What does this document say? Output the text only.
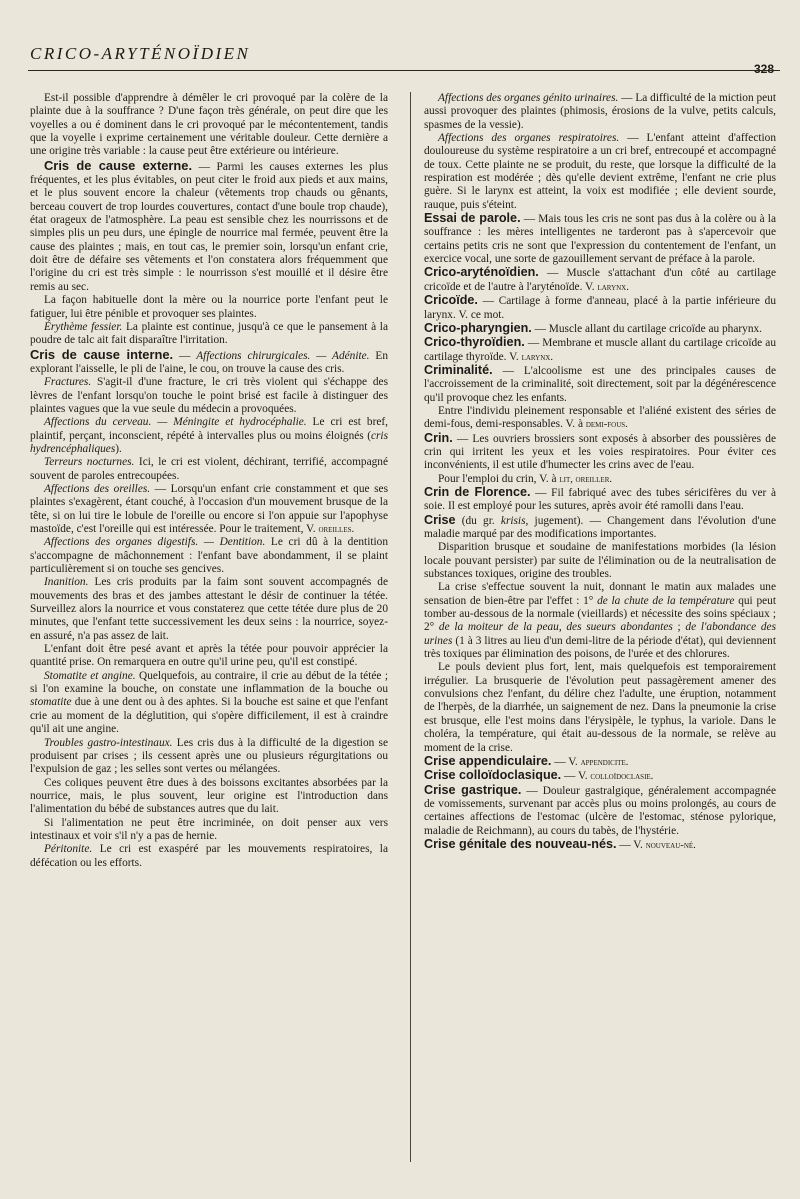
CRICO-ARYTÉNOÏDIEN
328

Est-il possible d'apprendre à démêler le cri provoqué par la colère de la plainte due à la souffrance ? D'une façon très générale, on peut dire que les voyelles a ou é dominent dans le cri provoqué par le mécontentement, tandis que la voyelle i exprime certainement une véritable douleur. Cette dernière a une origine très variable : la cause peut être extérieure ou intérieure.

Cris de cause externe. — Parmi les causes externes les plus fréquentes, et les plus évitables, on peut citer le froid aux pieds et aux mains, et le plus souvent encore la chaleur (vêtements trop chauds ou gênants, berceau couvert de trop lourdes couvertures, contact d'une boule trop chaude), état orageux de l'atmosphère. La peau est sensible chez les nourrissons et de simples plis un peu durs, une épingle de nourrice mal fermée, peuvent être la cause des plaintes ; mais, en tout cas, le premier soin, lorsqu'un enfant crie, doit être de défaire ses vêtements et l'on constatera alors fréquemment que l'origine du cri est très simple : le nourrisson s'est mouillé et il désire être remis au sec.

La façon habituelle dont la mère ou la nourrice porte l'enfant peut le fatiguer, lui être pénible et provoquer ses plaintes.

Érythème fessier. La plainte est continue, jusqu'à ce que le pansement à la poudre de talc ait fait disparaître l'irritation.

Cris de cause interne. — Affections chirurgicales. — Adénite. En explorant l'aisselle, le pli de l'aine, le cou, on trouve la cause des cris.

Fractures. S'agit-il d'une fracture, le cri très violent qui s'échappe des lèvres de l'enfant lorsqu'on touche le point brisé est facile à distinguer des plaintes vagues que la vue seule du médecin a provoquées.

Affections du cerveau. — Méningite et hydrocéphalie. Le cri est bref, plaintif, perçant, inconscient, répété à intervalles plus ou moins éloignés (cris hydrencéphaliques).

Terreurs nocturnes. Ici, le cri est violent, déchirant, terrifié, accompagné souvent de paroles entrecoupées.

Affections des oreilles. — Lorsqu'un enfant crie constamment et que ses plaintes s'exagèrent, étant couché, à l'occasion d'un mouvement brusque de la tête, si on lui tire le lobule de l'oreille ou encore si l'on appuie sur l'apophyse mastoïde, c'est l'oreille qui est intéressée. Pour le traitement, V. oreilles.

Affections des organes digestifs. — Dentition. Le cri dû à la dentition s'accompagne de mâchonnement : l'enfant bave abondamment, il se plaint particulièrement si on touche ses gencives.

Inanition. Les cris produits par la faim sont souvent accompagnés de mouvements des bras et des jambes attestant le désir de continuer la tétée. Surveillez alors la nourrice et vous constaterez que cette tétée dure plus de 20 minutes, que l'enfant tette successivement les deux seins : la nourrice, soyez-en assuré, n'a pas assez de lait.

L'enfant doit être pesé avant et après la tétée pour pouvoir apprécier la quantité prise. On remarquera en outre qu'il urine peu, qu'il est constipé.

Stomatite et angine. Quelquefois, au contraire, il crie au début de la tétée ; si l'on examine la bouche, on constate une inflammation de la bouche ou stomatite due à une dent ou à des aphtes. Si la bouche est saine et que l'enfant crie au moment de la déglutition, qui s'opère difficilement, il est à craindre qu'il ait une angine.

Troubles gastro-intestinaux. Les cris dus à la difficulté de la digestion se produisent par crises ; ils cessent après une ou plusieurs régurgitations ou l'expulsion de gaz ; les selles sont vertes ou mélangées.

Ces coliques peuvent être dues à des boissons excitantes absorbées par la nourrice, mais, le plus souvent, leur origine est l'introduction dans l'alimentation du bébé de substances autres que du lait.

Si l'alimentation ne peut être incriminée, on doit penser aux vers intestinaux et voir s'il n'y a pas de hernie.

Péritonite. Le cri est exaspéré par les mouvements respiratoires, la défécation ou les efforts.

Affections des organes génito urinaires. — La difficulté de la miction peut aussi provoquer des plaintes (phimosis, érosions de la vulve, petits calculs, spasmes de la vessie).

Affections des organes respiratoires. — L'enfant atteint d'affection douloureuse du système respiratoire a un cri bref, entrecoupé et accompagné de toux. Cette plainte ne se produit, du reste, que lorsque la difficulté de la respiration est modérée ; dès qu'elle devient extrême, l'enfant ne crie plus guère. Si le larynx est atteint, la voix est modifiée ; elle devient sourde, rauque, puis s'éteint.

Essai de parole. — Mais tous les cris ne sont pas dus à la colère ou à la souffrance : les mères intelligentes ne tarderont pas à s'apercevoir que certains petits cris ne sont que l'expression du contentement de l'enfant, un exercice vocal, une sorte de gazouillement servant de préface à la parole.

Crico-aryténoïdien. — Muscle s'attachant d'un côté au cartilage cricoïde et de l'autre à l'aryténoïde. V. larynx.

Cricoïde. — Cartilage à forme d'anneau, placé à la partie inférieure du larynx. V. ce mot.

Crico-pharyngien. — Muscle allant du cartilage cricoïde au pharynx.

Crico-thyroïdien. — Membrane et muscle allant du cartilage cricoïde au cartilage thyroïde. V. larynx.

Criminalité. — L'alcoolisme est une des principales causes de l'accroissement de la criminalité, soit directement, soit par la dégénérescence qu'il provoque chez les enfants.

Entre l'individu pleinement responsable et l'aliéné existent des séries de demi-fous, demi-responsables. V. à demi-fous.

Crin. — Les ouvriers brossiers sont exposés à absorber des poussières de crin qui irritent les yeux et les voies respiratoires. Pour éviter ces inconvénients, il est utile d'humecter les crins avec de l'eau.

Pour l'emploi du crin, V. à lit, oreiller.

Crin de Florence. — Fil fabriqué avec des tubes séricifères du ver à soie. Il est employé pour les sutures, après avoir été ramolli dans l'eau.

Crise (du gr. krisis, jugement). — Changement dans l'évolution d'une maladie marqué par des modifications importantes.

Disparition brusque et soudaine de manifestations morbides (la lésion locale pouvant persister) par suite de l'élimination ou de la neutralisation de substances toxiques, origine des troubles.

La crise s'effectue souvent la nuit, donnant le matin aux malades une sensation de bien-être par l'effet : 1° de la chute de la température qui peut tomber au-dessous de la normale (vieillards) et nécessite des soins spéciaux ; 2° de la moiteur de la peau, des sueurs abondantes ; de l'abondance des urines (1 à 3 litres au lieu d'un demi-litre de la période d'état), qui deviennent très toxiques par élimination des poisons, de l'urée et des chlorures.

Le pouls devient plus fort, lent, mais quelquefois est temporairement irrégulier. La brusquerie de l'évolution peut passagèrement amener des convulsions chez l'enfant, du délire chez l'adulte, une éruption, notamment de l'herpès, de la diarrhée, un saignement de nez. Dans la pneumonie la crise est brusque, elle l'est moins dans l'érysipèle, le typhus, la variole. Dans le choléra, la température, qui était au-dessous de la normale, se relève au moment de la crise.

Crise appendiculaire. — V. appendicite.

Crise colloïdoclasique. — V. colloïdoclasie.

Crise gastrique. — Douleur gastralgique, généralement accompagnée de vomissements, survenant par accès plus ou moins prolongés, au cours de certaines affections de l'estomac (ulcère de l'estomac, sténose pylorique, maladie de Reichmann), au cours du tabès, de l'hystérie.

Crise génitale des nouveau-nés. — V. nouveau-né.
